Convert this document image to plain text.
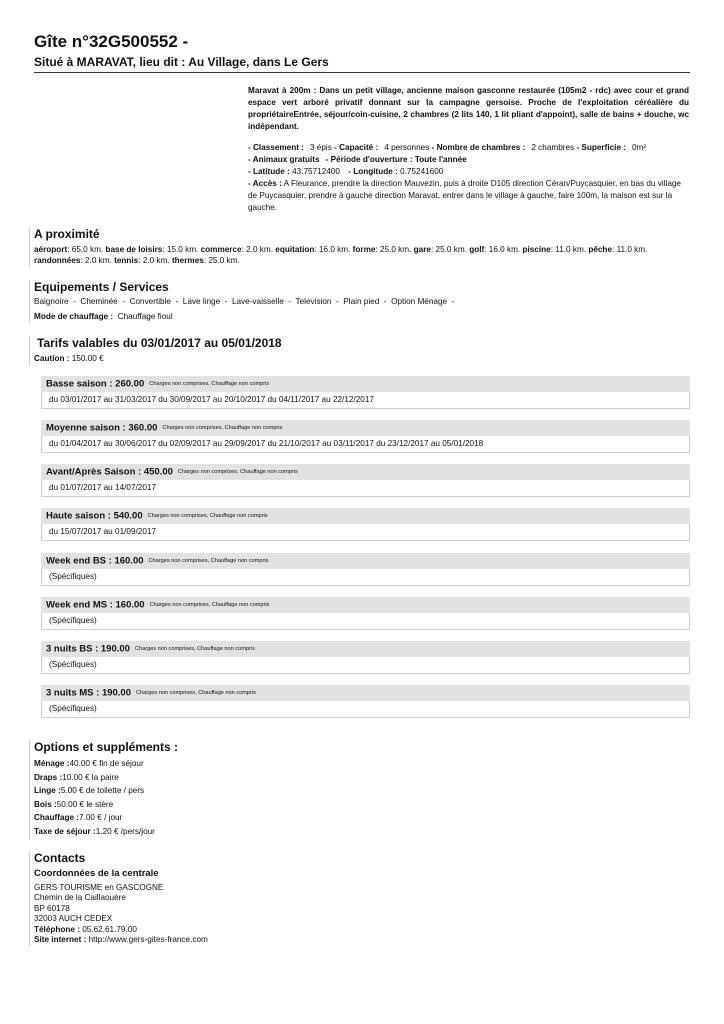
Gîte n°32G500552 -
Situé à MARAVAT, lieu dit : Au Village, dans Le Gers

Maravat à 200m : Dans un petit village, ancienne maison gasconne restaurée (105m2 - rdc) avec cour et grand espace vert arboré privatif donnant sur la campagne gersoise. Proche de l'exploitation céréalière du propriétaireEntrée, séjour/coin-cuisine, 2 chambres (2 lits 140, 1 lit pliant d'appoint), salle de bains + douche, wc indépendant.

- Classement : 3 épis - Capacité : 4 personnes - Nombre de chambres : 2 chambres - Superficie : 0m²

- Animaux gratuits - Période d'ouverture : Toute l'année

- Latitude : 43.75712400 - Longitude : 0.75241600

- Accès : A Fleurance, prendre la direction Mauvezin, puis à droite D105 direction Céran/Puycasquier, en bas du village de Puycasquier, prendre à gauche direction Maravat, entrer dans le village à gauche, faire 100m, la maison est sur la gauche.

A proximité
aéroport: 65.0 km. base de loisirs: 15.0 km. commerce: 2.0 km. equitation: 16.0 km. forme: 25.0 km. gare: 25.0 km. golf: 16.0 km. piscine: 11.0 km. pêche: 11.0 km. randonnées: 2.0 km. tennis: 2.0 km. thermes: 25.0 km.
Equipements / Services
Baignoire  -  Cheminée  -  Convertible  -  Lave linge  -  Lave-vaisselle  -  Television  -  Plain pied  -  Option Ménage  -
Mode de chauffage : Chauffage fioul
Tarifs valables du 03/01/2017 au 05/01/2018
Caution : 150.00 €
Basse saison : 260.00 Charges non comprises, Chauffage non compris
du 03/01/2017 au 31/03/2017 du 30/09/2017 au 20/10/2017 du 04/11/2017 au 22/12/2017
Moyenne saison : 360.00 Charges non comprises, Chauffage non compris
du 01/04/2017 au 30/06/2017 du 02/09/2017 au 29/09/2017 du 21/10/2017 au 03/11/2017 du 23/12/2017 au 05/01/2018
Avant/Après Saison : 450.00 Charges non comprises, Chauffage non compris
du 01/07/2017 au 14/07/2017
Haute saison : 540.00 Charges non comprises, Chauffage non compris
du 15/07/2017 au 01/09/2017
Week end BS : 160.00 Charges non comprises, Chauffage non compris
(Spécifiques)
Week end MS : 160.00 Charges non comprises, Chauffage non compris
(Spécifiques)
3 nuits BS : 190.00 Charges non comprises, Chauffage non compris
(Spécifiques)
3 nuits MS : 190.00 Charges non comprises, Chauffage non compris
(Spécifiques)
Options et suppléments :

Ménage :40.00 € fin de séjour

Draps :10.00 € la paire

Linge :5.00 € de toilette / pers

Bois :50.00 € le stère

Chauffage :7.00 € / jour

Taxe de séjour :1.20 € /pers/jour

Contacts
Coordonnées de la centrale

GERS TOURISME en GASCOGNE

Chemin de la Caillaouère

BP 60178

32003 AUCH CEDEX

Téléphone : 05.62.61.79.00

Site internet : http://www.gers-gites-france.com
